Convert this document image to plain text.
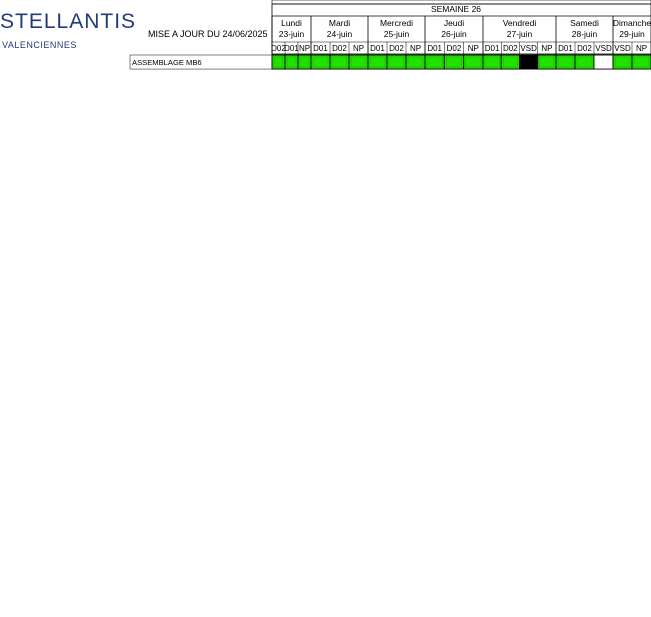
STELLANTIS
VALENCIENNES
MISE A JOUR DU 24/06/2025
SEMAINE 26
Lundi
23-juin
Mardi
24-juin
Mercredi
25-juin
Jeudi
26-juin
Vendredi
27-juin
Samedi
28-juin
Dimanche
29-juin
D02
D01 NP D01 D02 NP D01 D02 NP D01 D02 NP D01 D02 VSD NP D01 D02 VSD VSD NP
ASSEMBLAGE MB6
